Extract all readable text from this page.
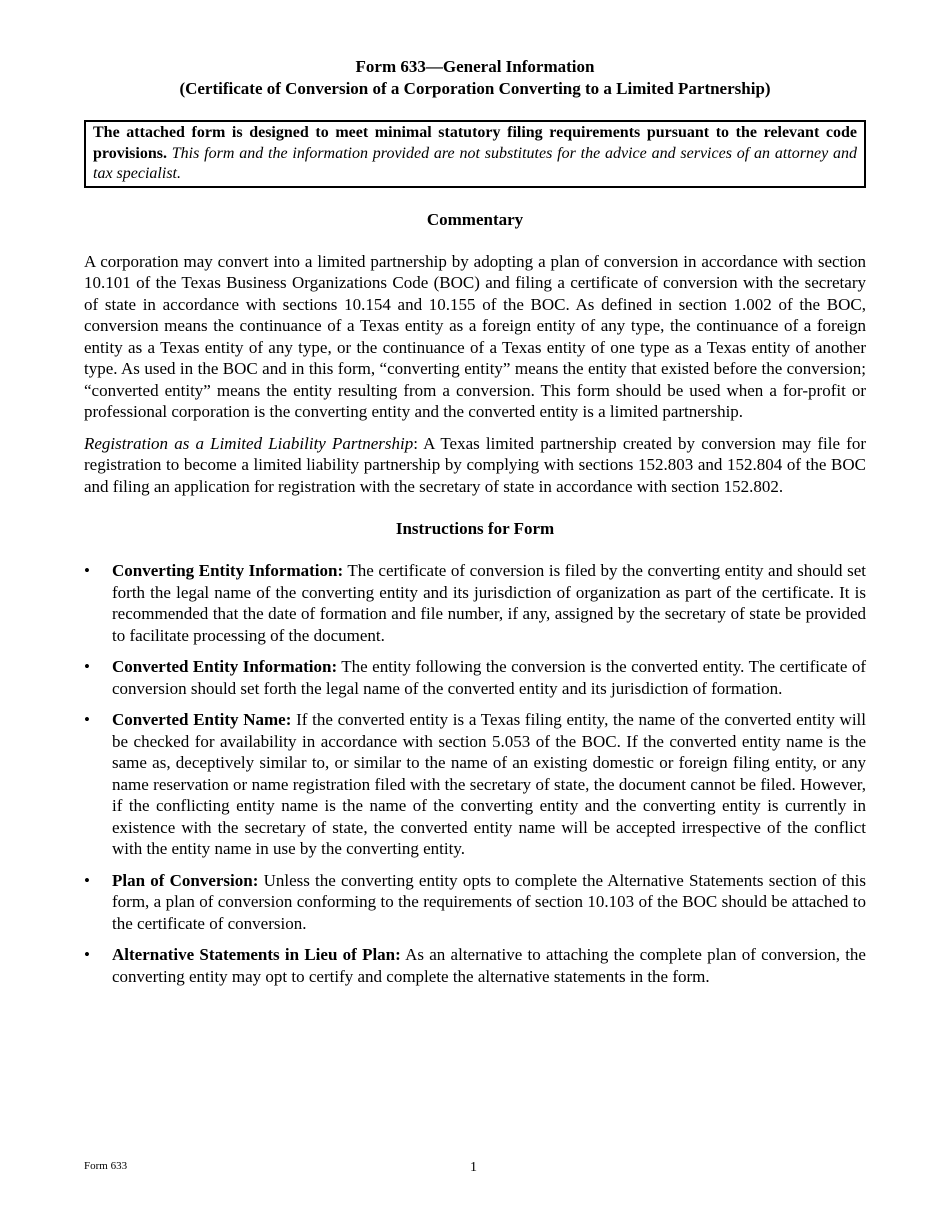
Form 633—General Information

(Certificate of Conversion of a Corporation Converting to a Limited Partnership)

The attached form is designed to meet minimal statutory filing requirements pursuant to the relevant code provisions. This form and the information provided are not substitutes for the advice and services of an attorney and tax specialist.

Commentary

A corporation may convert into a limited partnership by adopting a plan of conversion in accordance with section 10.101 of the Texas Business Organizations Code (BOC) and filing a certificate of conversion with the secretary of state in accordance with sections 10.154 and 10.155 of the BOC. As defined in section 1.002 of the BOC, conversion means the continuance of a Texas entity as a foreign entity of any type, the continuance of a foreign entity as a Texas entity of any type, or the continuance of a Texas entity of one type as a Texas entity of another type. As used in the BOC and in this form, “converting entity” means the entity that existed before the conversion; “converted entity” means the entity resulting from a conversion. This form should be used when a for-profit or professional corporation is the converting entity and the converted entity is a limited partnership.

Registration as a Limited Liability Partnership: A Texas limited partnership created by conversion may file for registration to become a limited liability partnership by complying with sections 152.803 and 152.804 of the BOC and filing an application for registration with the secretary of state in accordance with section 152.802.

Instructions for Form

• Converting Entity Information: The certificate of conversion is filed by the converting entity and should set forth the legal name of the converting entity and its jurisdiction of organization as part of the certificate. It is recommended that the date of formation and file number, if any, assigned by the secretary of state be provided to facilitate processing of the document.
• Converted Entity Information: The entity following the conversion is the converted entity. The certificate of conversion should set forth the legal name of the converted entity and its jurisdiction of formation.
• Converted Entity Name: If the converted entity is a Texas filing entity, the name of the converted entity will be checked for availability in accordance with section 5.053 of the BOC. If the converted entity name is the same as, deceptively similar to, or similar to the name of an existing domestic or foreign filing entity, or any name reservation or name registration filed with the secretary of state, the document cannot be filed. However, if the conflicting entity name is the name of the converting entity and the converting entity is currently in existence with the secretary of state, the converted entity name will be accepted irrespective of the conflict with the entity name in use by the converting entity.
• Plan of Conversion: Unless the converting entity opts to complete the Alternative Statements section of this form, a plan of conversion conforming to the requirements of section 10.103 of the BOC should be attached to the certificate of conversion.
• Alternative Statements in Lieu of Plan: As an alternative to attaching the complete plan of conversion, the converting entity may opt to certify and complete the alternative statements in the form.
Form 633	1
